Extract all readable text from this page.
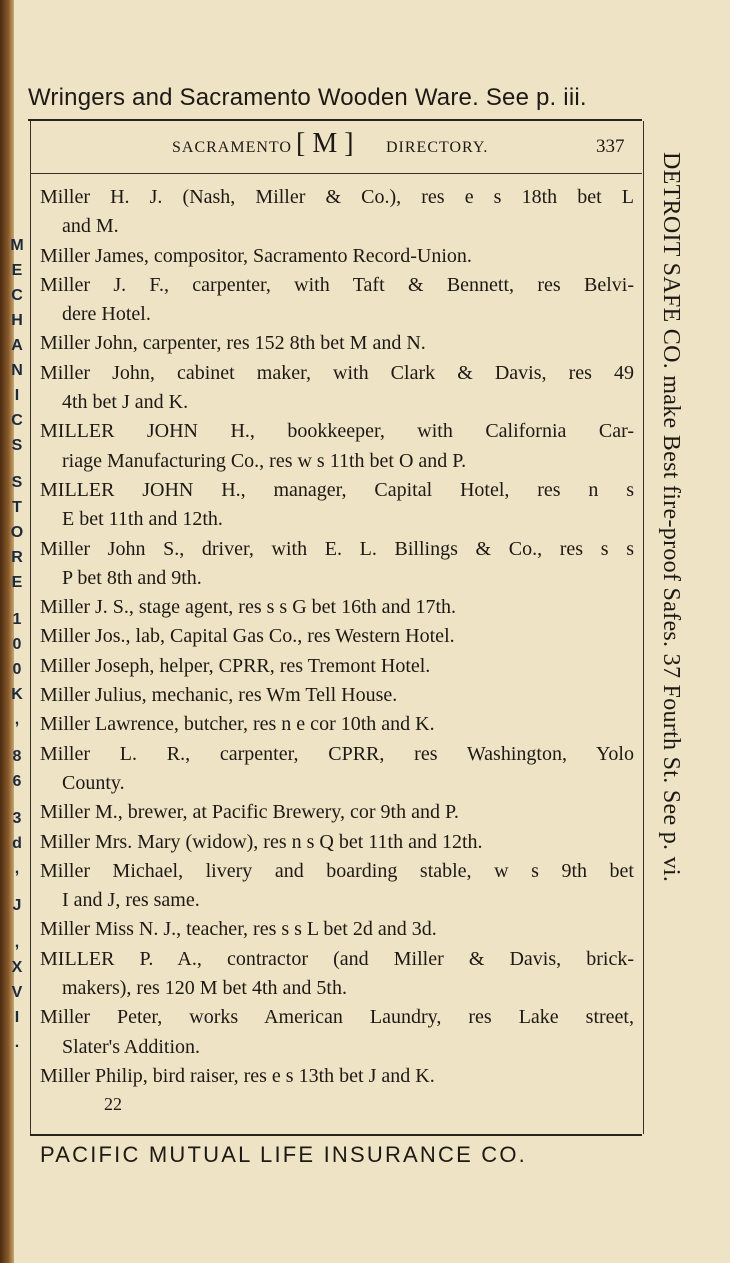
Wringers and Sacramento Wooden Ware. See p. iii.
SACRAMENTO [ M ] DIRECTORY.	337
Miller H. J. (Nash, Miller & Co.), res e s 18th bet L
and M.
Miller James, compositor, Sacramento Record-Union.
Miller J. F., carpenter, with Taft & Bennett, res Belvi-
dere Hotel.
Miller John, carpenter, res 152 8th bet M and N.
Miller John, cabinet maker, with Clark & Davis, res 49
4th bet J and K.
MILLER JOHN H., bookkeeper, with California Car-
riage Manufacturing Co., res w s 11th bet O and P.
MILLER JOHN H., manager, Capital Hotel, res n s
E bet 11th and 12th.
Miller John S., driver, with E. L. Billings & Co., res s s
P bet 8th and 9th.
Miller J. S., stage agent, res s s G bet 16th and 17th.
Miller Jos., lab, Capital Gas Co., res Western Hotel.
Miller Joseph, helper, CPRR, res Tremont Hotel.
Miller Julius, mechanic, res Wm Tell House.
Miller Lawrence, butcher, res n e cor 10th and K.
Miller L. R., carpenter, CPRR, res Washington, Yolo
County.
Miller M., brewer, at Pacific Brewery, cor 9th and P.
Miller Mrs. Mary (widow), res n s Q bet 11th and 12th.
Miller Michael, livery and boarding stable, w s 9th bet
I and J, res same.
Miller Miss N. J., teacher, res s s L bet 2d and 3d.
MILLER P. A., contractor (and Miller & Davis, brick-
makers), res 120 M bet 4th and 5th.
Miller Peter, works American Laundry, res Lake street,
Slater's Addition.
Miller Philip, bird raiser, res e s 13th bet J and K.
22
M
E
C
H
A
N
I
C
S
S
T
O
R
E
1
0
0
K
,
8
6
3
d
,
J
,
X
V
I
.
DETROIT SAFE CO. make Best fire-proof Safes. 37 Fourth St. See p. vi.
PACIFIC MUTUAL LIFE INSURANCE CO.
